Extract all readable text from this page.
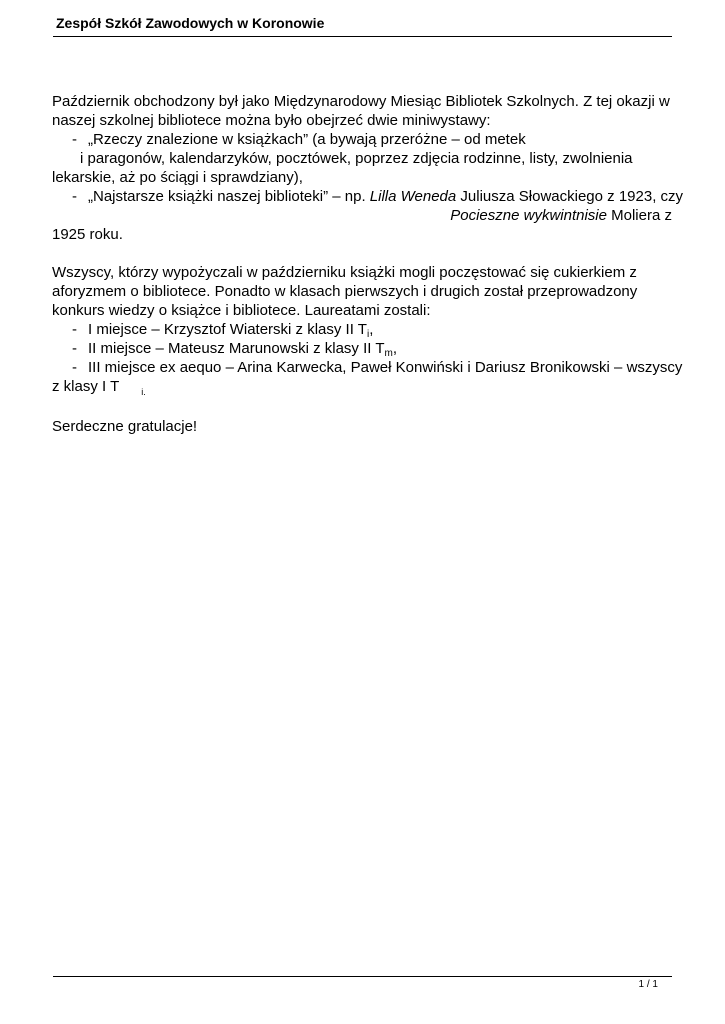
Zespół Szkół Zawodowych w Koronowie
Październik obchodzony był jako Międzynarodowy Miesiąc Bibliotek Szkolnych. Z tej okazji w
naszej szkolnej bibliotece można było obejrzeć dwie miniwystawy:
- „Rzeczy znalezione w książkach” (a bywają przeróżne – od metek
i paragonów, kalendarzyków, pocztówek, poprzez zdjęcia rodzinne, listy, zwolnienia
lekarskie, aż po ściągi i sprawdziany),
- „Najstarsze książki naszej biblioteki” – np. Lilla Weneda Juliusza Słowackiego z 1923, czy
Pocieszne wykwintnisie Moliera z
1925 roku.
Wszyscy, którzy wypożyczali w październiku książki mogli poczęstować się cukierkiem z
aforyzmem o bibliotece. Ponadto w klasach pierwszych i drugich został przeprowadzony
konkurs wiedzy o książce i bibliotece. Laureatami zostali:
- I miejsce – Krzysztof Wiaterski z klasy II $T_i$,
- II miejsce – Mateusz Marunowski z klasy II $T_m$,
- III miejsce ex aequo – Arina Karwecka, Paweł Konwiński i Dariusz Bronikowski – wszyscy
z klasy I T $_{i.}$
Serdeczne gratulacje!
1 / 1
